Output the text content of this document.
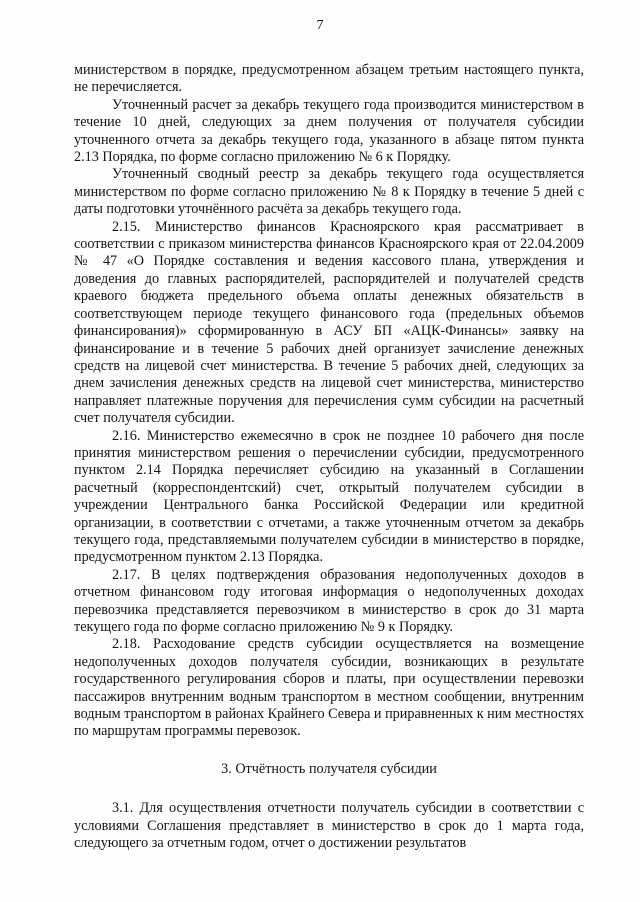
7

министерством в порядке, предусмотренном абзацем третьим настоящего пункта, не перечисляется.

Уточненный расчет за декабрь текущего года производится министерством в течение 10 дней, следующих за днем получения от получателя субсидии уточненного отчета за декабрь текущего года, указанного в абзаце пятом пункта 2.13 Порядка, по форме согласно приложению № 6 к Порядку.

Уточненный сводный реестр за декабрь текущего года осуществляется министерством по форме согласно приложению № 8 к Порядку в течение 5 дней с даты подготовки уточнённого расчёта за декабрь текущего года.

2.15. Министерство финансов Красноярского края рассматривает в соответствии с приказом министерства финансов Красноярского края от 22.04.2009 № 47 «О Порядке составления и ведения кассового плана, утверждения и доведения до главных распорядителей, распорядителей и получателей средств краевого бюджета предельного объема оплаты денежных обязательств в соответствующем периоде текущего финансового года (предельных объемов финансирования)» сформированную в АСУ БП «АЦК-Финансы» заявку на финансирование и в течение 5 рабочих дней организует зачисление денежных средств на лицевой счет министерства. В течение 5 рабочих дней, следующих за днем зачисления денежных средств на лицевой счет министерства, министерство направляет платежные поручения для перечисления сумм субсидии на расчетный счет получателя субсидии.

2.16. Министерство ежемесячно в срок не позднее 10 рабочего дня после принятия министерством решения о перечислении субсидии, предусмотренного пунктом 2.14 Порядка перечисляет субсидию на указанный в Соглашении расчетный (корреспондентский) счет, открытый получателем субсидии в учреждении Центрального банка Российской Федерации или кредитной организации, в соответствии с отчетами, а также уточненным отчетом за декабрь текущего года, представляемыми получателем субсидии в министерство в порядке, предусмотренном пунктом 2.13 Порядка.

2.17. В целях подтверждения образования недополученных доходов в отчетном финансовом году итоговая информация о недополученных доходах перевозчика представляется перевозчиком в министерство в срок до 31 марта текущего года по форме согласно приложению № 9 к Порядку.

2.18. Расходование средств субсидии осуществляется на возмещение недополученных доходов получателя субсидии, возникающих в результате государственного регулирования сборов и платы, при осуществлении перевозки пассажиров внутренним водным транспортом в местном сообщении, внутренним водным транспортом в районах Крайнего Севера и приравненных к ним местностях по маршрутам программы перевозок.

3. Отчётность получателя субсидии

3.1. Для осуществления отчетности получатель субсидии в соответствии с условиями Соглашения представляет в министерство в срок до 1 марта года, следующего за отчетным годом, отчет о достижении результатов
